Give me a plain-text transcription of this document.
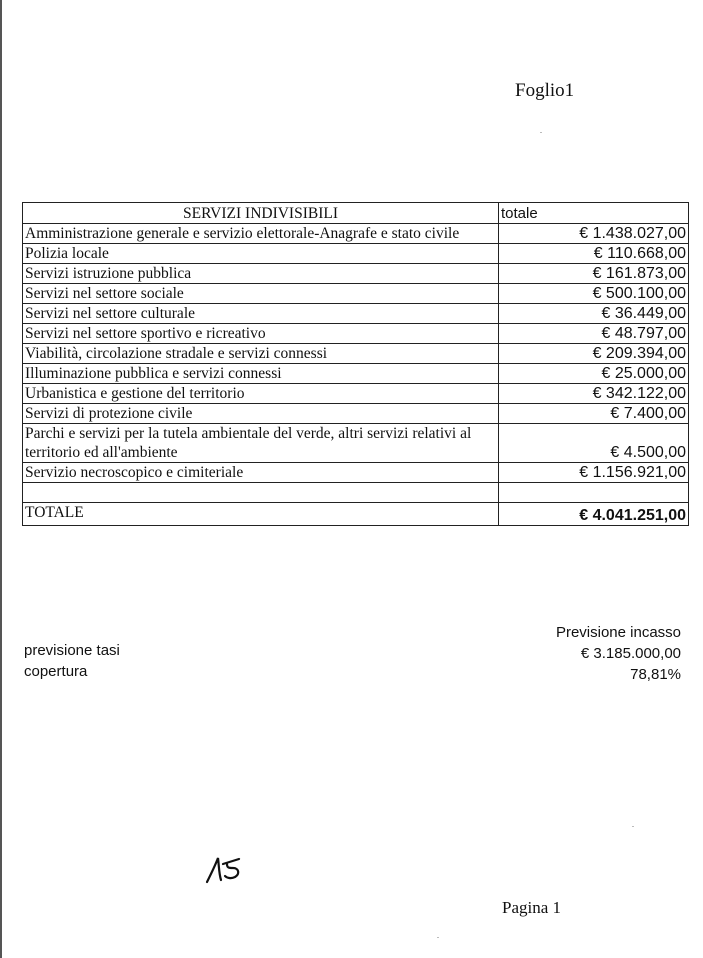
Foglio1
SERVIZI INDIVISIBILI	totale
Amministrazione generale e servizio elettorale-Anagrafe e stato civile	€ 1.438.027,00
Polizia locale	€ 110.668,00
Servizi istruzione pubblica	€ 161.873,00
Servizi nel settore sociale	€ 500.100,00
Servizi nel settore culturale	€ 36.449,00
Servizi nel settore sportivo e ricreativo	€ 48.797,00
Viabilità, circolazione stradale e servizi connessi	€ 209.394,00
Illuminazione pubblica e servizi connessi	€ 25.000,00
Urbanistica e gestione del territorio	€ 342.122,00
Servizi di protezione civile	€ 7.400,00
Parchi e servizi per la tutela ambientale del verde, altri servizi relativi al territorio ed all'ambiente	€ 4.500,00
Servizio necroscopico e cimiteriale	€ 1.156.921,00

TOTALE	€ 4.041.251,00
previsione tasi
copertura
Previsione incasso
€ 3.185.000,00
78,81%
Pagina 1
